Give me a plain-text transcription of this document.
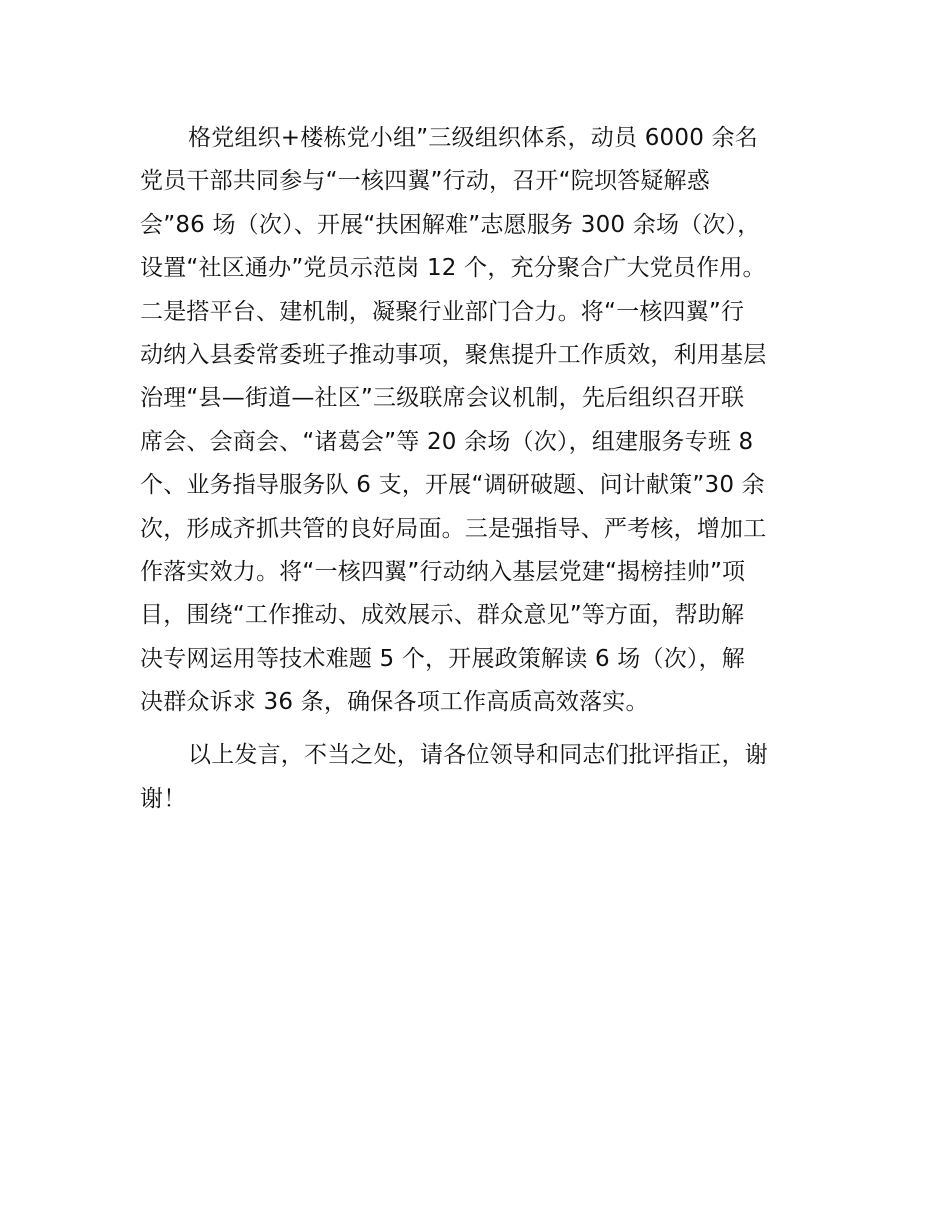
格党组织+楼栋党小组”三级组织体系，动员 6000 余名
党员干部共同参与“一核四翼”行动，召开“院坝答疑解惑
会”86 场（次）、开展“扶困解难”志愿服务 300 余场（次），
设置“社区通办”党员示范岗 12 个，充分聚合广大党员作用。
二是搭平台、建机制，凝聚行业部门合力。将“一核四翼”行
动纳入县委常委班子推动事项，聚焦提升工作质效，利用基层
治理“县—街道—社区”三级联席会议机制，先后组织召开联
席会、会商会、“诸葛会”等 20 余场（次），组建服务专班 8
个、业务指导服务队 6 支，开展“调研破题、问计献策”30 余
次，形成齐抓共管的良好局面。三是强指导、严考核，增加工
作落实效力。将“一核四翼”行动纳入基层党建“揭榜挂帅”项
目，围绕“工作推动、成效展示、群众意见”等方面，帮助解
决专网运用等技术难题 5 个，开展政策解读 6 场（次），解
决群众诉求 36 条，确保各项工作高质高效落实。
以上发言，不当之处，请各位领导和同志们批评指正，谢
谢！
